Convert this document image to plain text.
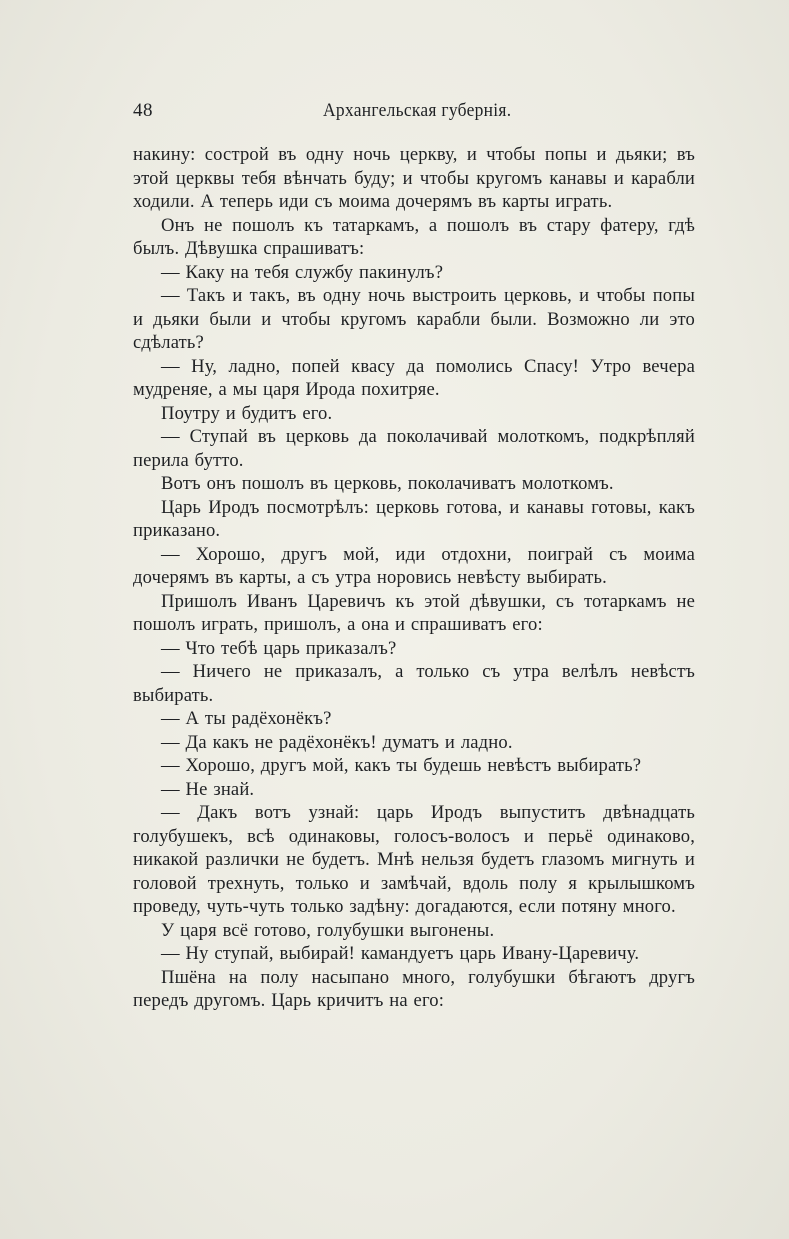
48	Архангельская губернія.

накину: сострой въ одну ночь церкву, и чтобы попы и дьяки; въ этой церквы тебя вѣнчать буду; и чтобы кругомъ канавы и карабли ходили. А теперь иди съ моима дочерямъ въ карты играть.

Онъ не пошолъ къ татаркамъ, а пошолъ въ стару фатеру, гдѣ былъ. Дѣвушка спрашиватъ:

— Каку на тебя службу пакинулъ?

— Такъ и такъ, въ одну ночь выстроить церковь, и чтобы попы и дьяки были и чтобы кругомъ карабли были. Возможно ли это сдѣлать?

— Ну, ладно, попей квасу да помолись Спасу! Утро вечера мудреняе, а мы царя Ирода похитряе.

Поутру и будитъ его.

— Ступай въ церковь да поколачивай молоткомъ, подкрѣпляй перила бутто.

Вотъ онъ пошолъ въ церковь, поколачиватъ молоткомъ.

Царь Иродъ посмотрѣлъ: церковь готова, и канавы готовы, какъ приказано.

— Хорошо, другъ мой, иди отдохни, поиграй съ моима дочерямъ въ карты, а съ утра норовись невѣсту выбирать.

Пришолъ Иванъ Царевичъ къ этой дѣвушки, съ тотаркамъ не пошолъ играть, пришолъ, а она и спрашиватъ его:

— Что тебѣ царь приказалъ?

— Ничего не приказалъ, а только съ утра велѣлъ невѣстъ выбирать.

— А ты радёхонёкъ?

— Да какъ не радёхонёкъ! думатъ и ладно.

— Хорошо, другъ мой, какъ ты будешь невѣстъ выбирать?

— Не знай.

— Дакъ вотъ узнай: царь Иродъ выпуститъ двѣнадцать голубушекъ, всѣ одинаковы, голосъ-волосъ и перьё одинаково, никакой различки не будетъ. Мнѣ нельзя будетъ глазомъ мигнуть и головой трехнуть, только и замѣчай, вдоль полу я крылышкомъ проведу, чуть-чуть только задѣну: догадаются, если потяну много.

У царя всё готово, голубушки выгонены.

— Ну ступай, выбирай! камандуетъ царь Ивану-Царевичу.

Пшёна на полу насыпано много, голубушки бѣгаютъ другъ передъ другомъ. Царь кричитъ на его:
